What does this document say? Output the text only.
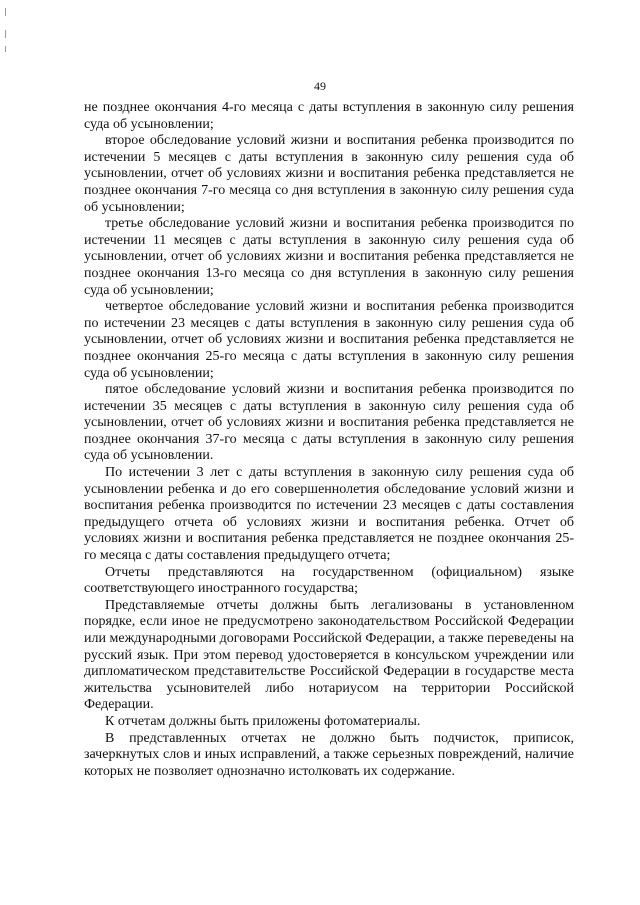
49

не позднее окончания 4-го месяца с даты вступления в законную силу решения суда об усыновлении;

второе обследование условий жизни и воспитания ребенка производится по истечении 5 месяцев с даты вступления в законную силу решения суда об усыновлении, отчет об условиях жизни и воспитания ребенка представляется не позднее окончания 7-го месяца со дня вступления в законную силу решения суда об усыновлении;

третье обследование условий жизни и воспитания ребенка производится по истечении 11 месяцев с даты вступления в законную силу решения суда об усыновлении, отчет об условиях жизни и воспитания ребенка представляется не позднее окончания 13-го месяца со дня вступления в законную силу решения суда об усыновлении;

четвертое обследование условий жизни и воспитания ребенка производится по истечении 23 месяцев с даты вступления в законную силу решения суда об усыновлении, отчет об условиях жизни и воспитания ребенка представляется не позднее окончания 25-го месяца с даты вступления в законную силу решения суда об усыновлении;

пятое обследование условий жизни и воспитания ребенка производится по истечении 35 месяцев с даты вступления в законную силу решения суда об усыновлении, отчет об условиях жизни и воспитания ребенка представляется не позднее окончания 37-го месяца с даты вступления в законную силу решения суда об усыновлении.

По истечении 3 лет с даты вступления в законную силу решения суда об усыновлении ребенка и до его совершеннолетия обследование условий жизни и воспитания ребенка производится по истечении 23 месяцев с даты составления предыдущего отчета об условиях жизни и воспитания ребенка. Отчет об условиях жизни и воспитания ребенка представляется не позднее окончания 25-го месяца с даты составления предыдущего отчета;

Отчеты представляются на государственном (официальном) языке соответствующего иностранного государства;

Представляемые отчеты должны быть легализованы в установленном порядке, если иное не предусмотрено законодательством Российской Федерации или международными договорами Российской Федерации, а также переведены на русский язык. При этом перевод удостоверяется в консульском учреждении или дипломатическом представительстве Российской Федерации в государстве места жительства усыновителей либо нотариусом на территории Российской Федерации.

К отчетам должны быть приложены фотоматериалы.

В представленных отчетах не должно быть подчисток, приписок, зачеркнутых слов и иных исправлений, а также серьезных повреждений, наличие которых не позволяет однозначно истолковать их содержание.
